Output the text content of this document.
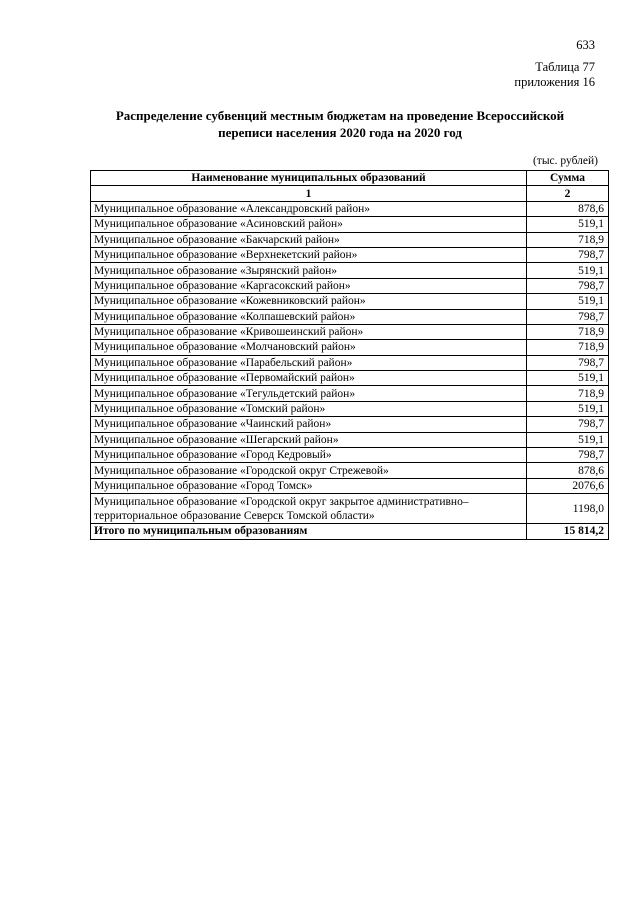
633
Таблица 77
приложения 16
Распределение субвенций местным бюджетам на проведение Всероссийской
переписи населения 2020 года на 2020 год
(тыс. рублей)
Наименование муниципальных образований	Сумма
1	2
Муниципальное образование «Александровский район»	878,6
Муниципальное образование «Асиновский район»	519,1
Муниципальное образование «Бакчарский район»	718,9
Муниципальное образование «Верхнекетский район»	798,7
Муниципальное образование «Зырянский район»	519,1
Муниципальное образование «Каргасокский район»	798,7
Муниципальное образование «Кожевниковский район»	519,1
Муниципальное образование «Колпашевский район»	798,7
Муниципальное образование «Кривошеинский район»	718,9
Муниципальное образование «Молчановский район»	718,9
Муниципальное образование «Парабельский район»	798,7
Муниципальное образование «Первомайский район»	519,1
Муниципальное образование «Тегульдетский район»	718,9
Муниципальное образование «Томский район»	519,1
Муниципальное образование «Чаинский район»	798,7
Муниципальное образование «Шегарский район»	519,1
Муниципальное образование «Город Кедровый»	798,7
Муниципальное образование «Городской округ Стрежевой»	878,6
Муниципальное образование «Город Томск»	2076,6

Муниципальное образование «Городской округ закрытое административно–
территориальное образование Северск Томской области»	1198,0
Итого по муниципальным образованиям	15 814,2
